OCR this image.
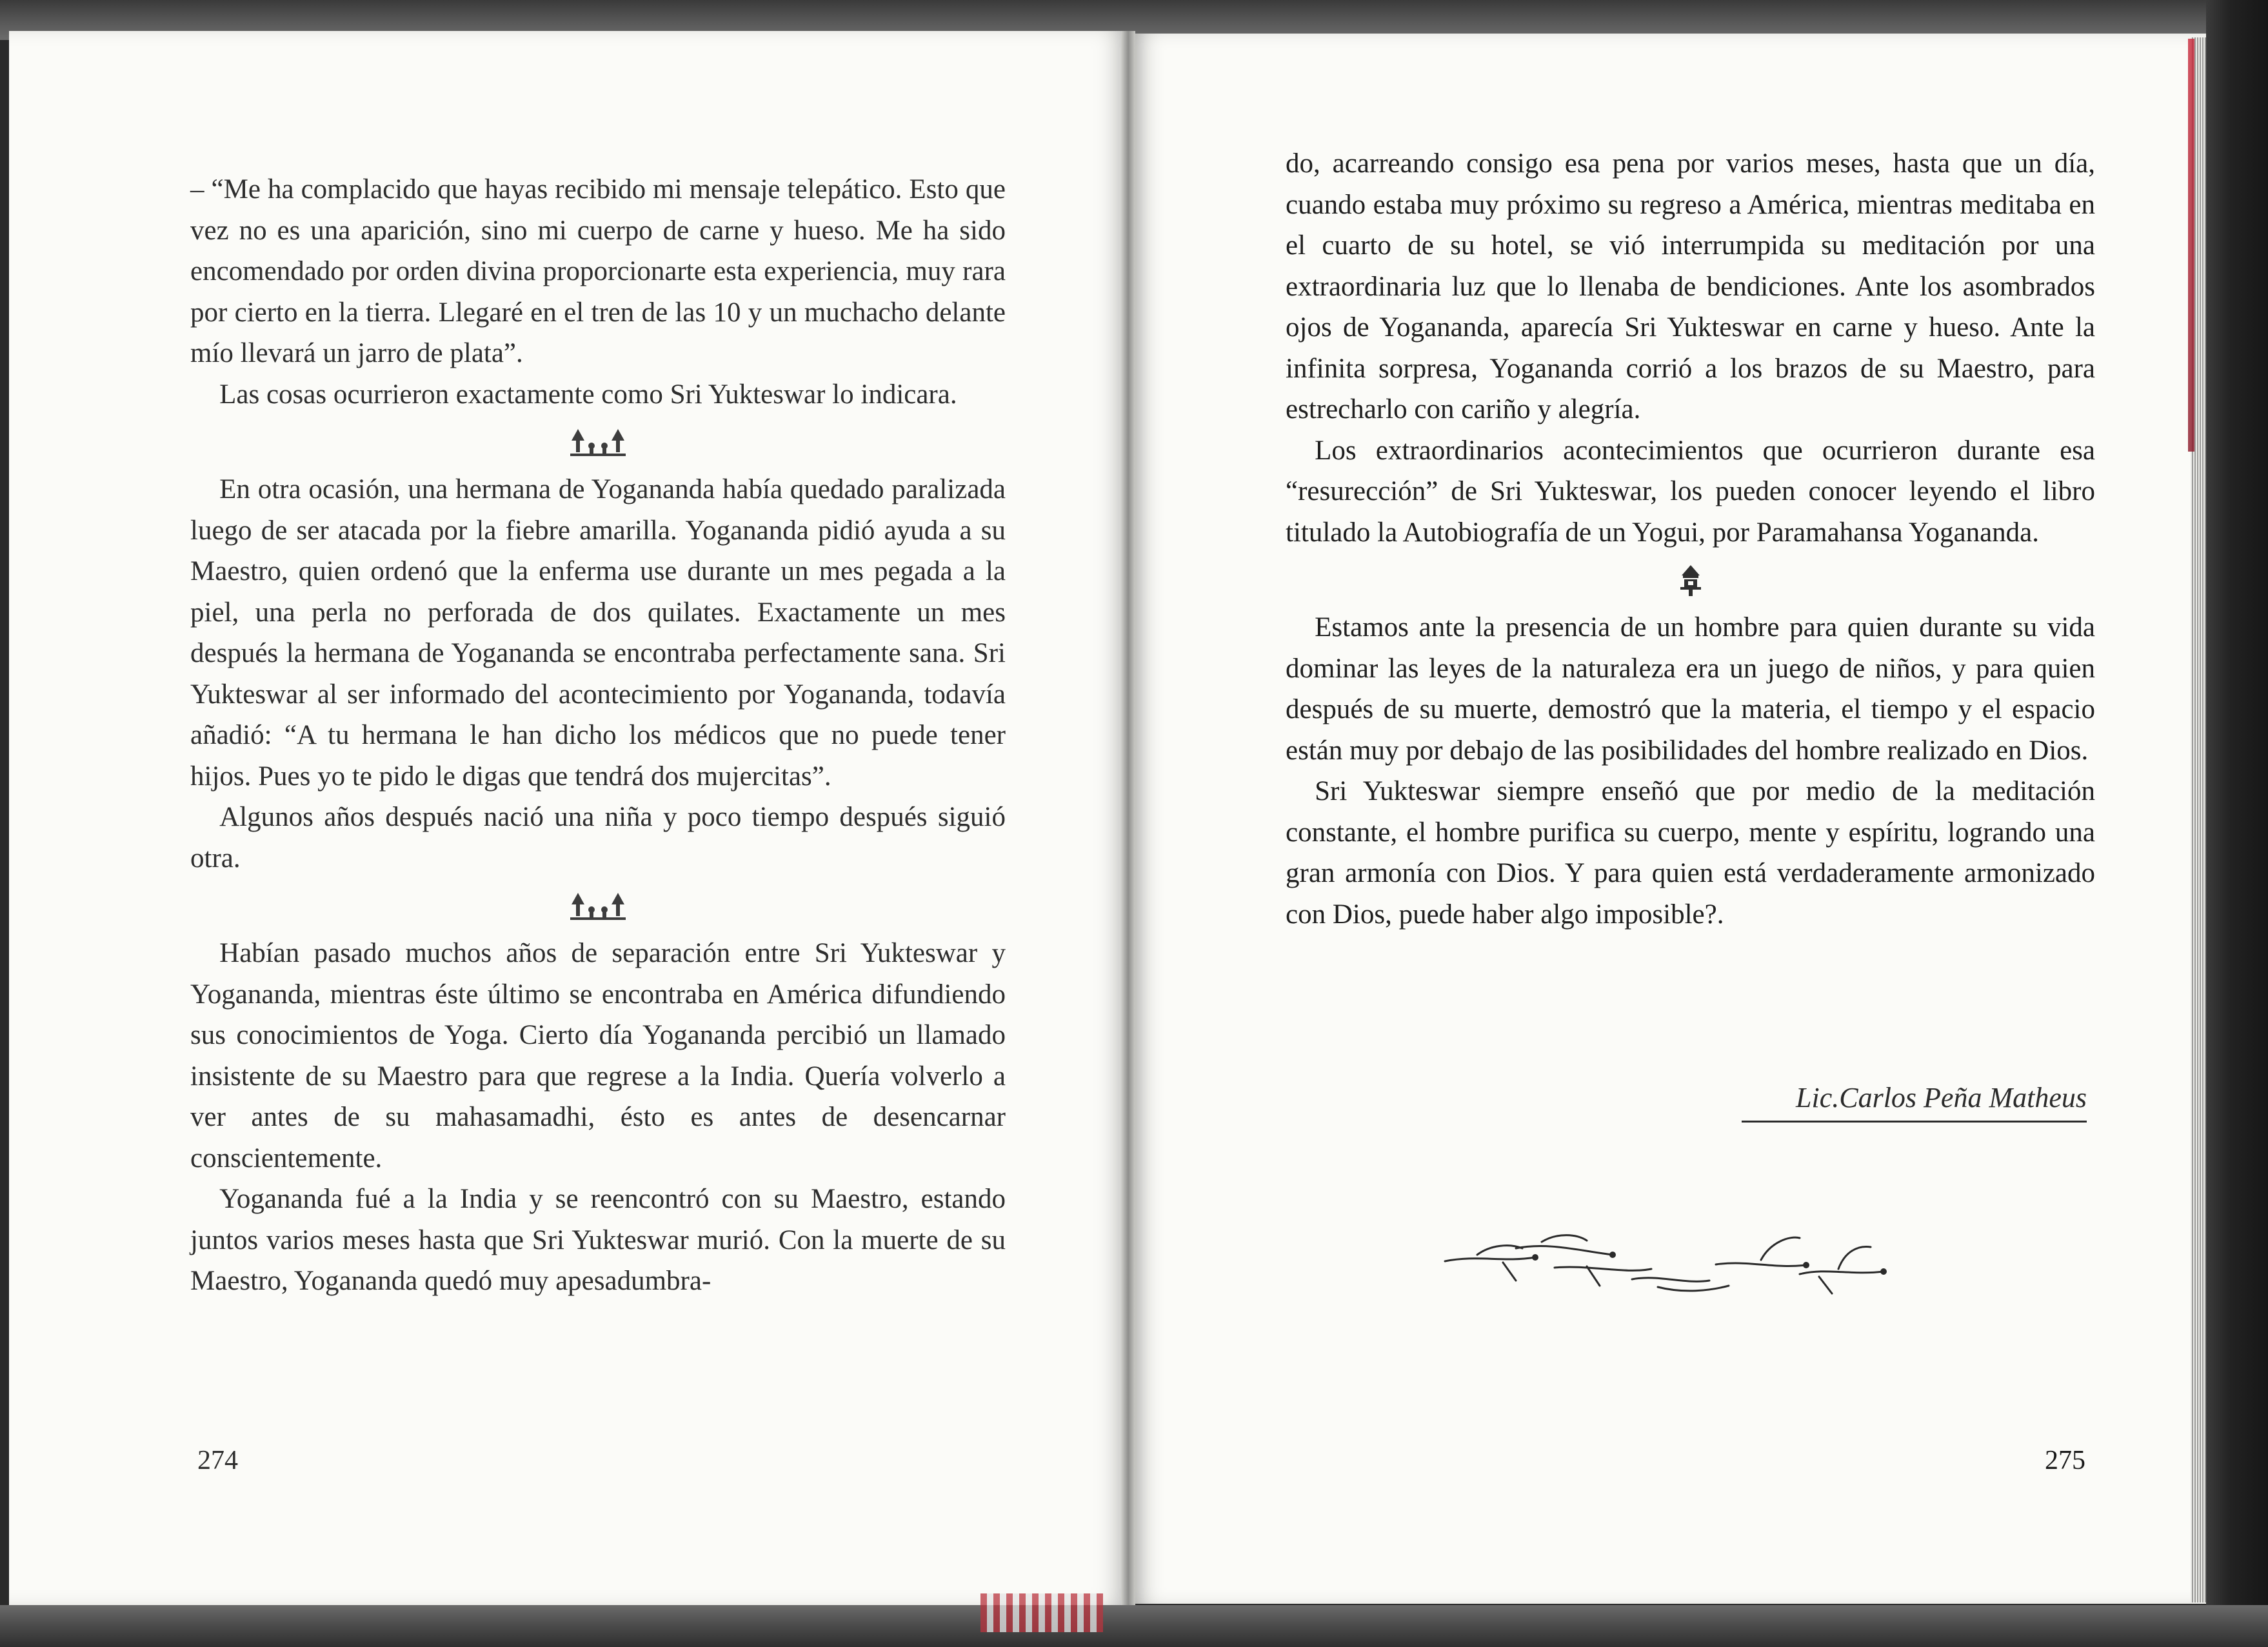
– “Me ha complacido que hayas recibido mi mensaje telepático. Esto que vez no es una aparición, sino mi cuerpo de carne y hueso. Me ha sido encomendado por orden divina proporcionarte esta experiencia, muy rara por cierto en la tierra. Llegaré en el tren de las 10 y un muchacho delante mío llevará un jarro de plata”.

Las cosas ocurrieron exactamente como Sri Yukteswar lo indicara.

En otra ocasión, una hermana de Yogananda había quedado paralizada luego de ser atacada por la fiebre amarilla. Yogananda pidió ayuda a su Maestro, quien ordenó que la enferma use durante un mes pegada a la piel, una perla no perforada de dos quilates. Exactamente un mes después la hermana de Yogananda se encontraba perfectamente sana. Sri Yukteswar al ser informado del acontecimiento por Yogananda, todavía añadió: “A tu hermana le han dicho los médicos que no puede tener hijos. Pues yo te pido le digas que tendrá dos mujercitas”.

Algunos años después nació una niña y poco tiempo después siguió otra.

Habían pasado muchos años de separación entre Sri Yukteswar y Yogananda, mientras éste último se encontraba en América difundiendo sus conocimientos de Yoga. Cierto día Yogananda percibió un llamado insistente de su Maestro para que regrese a la India. Quería volverlo a ver antes de su mahasamadhi, ésto es antes de desencarnar conscientemente.

Yogananda fué a la India y se reencontró con su Maestro, estando juntos varios meses hasta que Sri Yukteswar murió. Con la muerte de su Maestro, Yogananda quedó muy apesadumbra-

274

do, acarreando consigo esa pena por varios meses, hasta que un día, cuando estaba muy próximo su regreso a América, mientras meditaba en el cuarto de su hotel, se vió interrumpida su meditación por una extraordinaria luz que lo llenaba de bendiciones. Ante los asombrados ojos de Yogananda, aparecía Sri Yukteswar en carne y hueso. Ante la infinita sorpresa, Yogananda corrió a los brazos de su Maestro, para estrecharlo con cariño y alegría.

Los extraordinarios acontecimientos que ocurrieron durante esa “resurección” de Sri Yukteswar, los pueden conocer leyendo el libro titulado la Autobiografía de un Yogui, por Paramahansa Yogananda.

Estamos ante la presencia de un hombre para quien durante su vida dominar las leyes de la naturaleza era un juego de niños, y para quien después de su muerte, demostró que la materia, el tiempo y el espacio están muy por debajo de las posibilidades del hombre realizado en Dios.

Sri Yukteswar siempre enseñó que por medio de la meditación constante, el hombre purifica su cuerpo, mente y espíritu, logrando una gran armonía con Dios. Y para quien está verdaderamente armonizado con Dios, puede haber algo imposible?.

Lic.Carlos Peña Matheus
275
